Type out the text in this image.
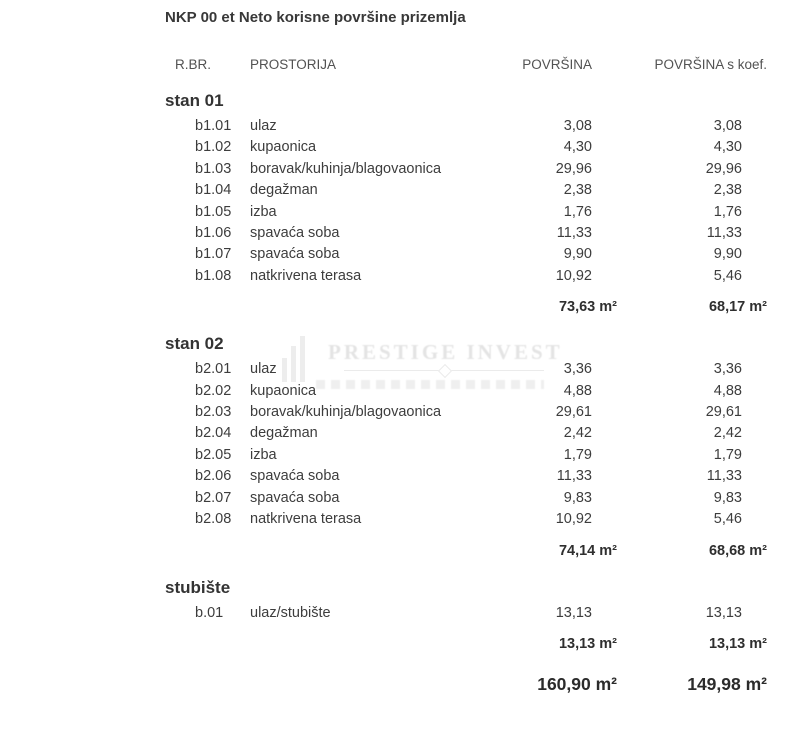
PRESTIGE INVEST
NKP 00 et Neto korisne površine prizemlja
R.BR.	PROSTORIJA	POVRŠINA	POVRŠINA s koef.
stan 01
b1.01	ulaz	3,08	3,08
b1.02	kupaonica	4,30	4,30
b1.03	boravak/kuhinja/blagovaonica	29,96	29,96
b1.04	degažman	2,38	2,38
b1.05	izba	1,76	1,76
b1.06	spavaća soba	11,33	11,33
b1.07	spavaća soba	9,90	9,90
b1.08	natkrivena terasa	10,92	5,46
73,63 m²	68,17 m²
stan 02
b2.01	ulaz	3,36	3,36
b2.02	kupaonica	4,88	4,88
b2.03	boravak/kuhinja/blagovaonica	29,61	29,61
b2.04	degažman	2,42	2,42
b2.05	izba	1,79	1,79
b2.06	spavaća soba	11,33	11,33
b2.07	spavaća soba	9,83	9,83
b2.08	natkrivena terasa	10,92	5,46
74,14 m²	68,68 m²
stubište
b.01	ulaz/stubište	13,13	13,13
13,13 m²	13,13 m²
160,90 m²	149,98 m²
